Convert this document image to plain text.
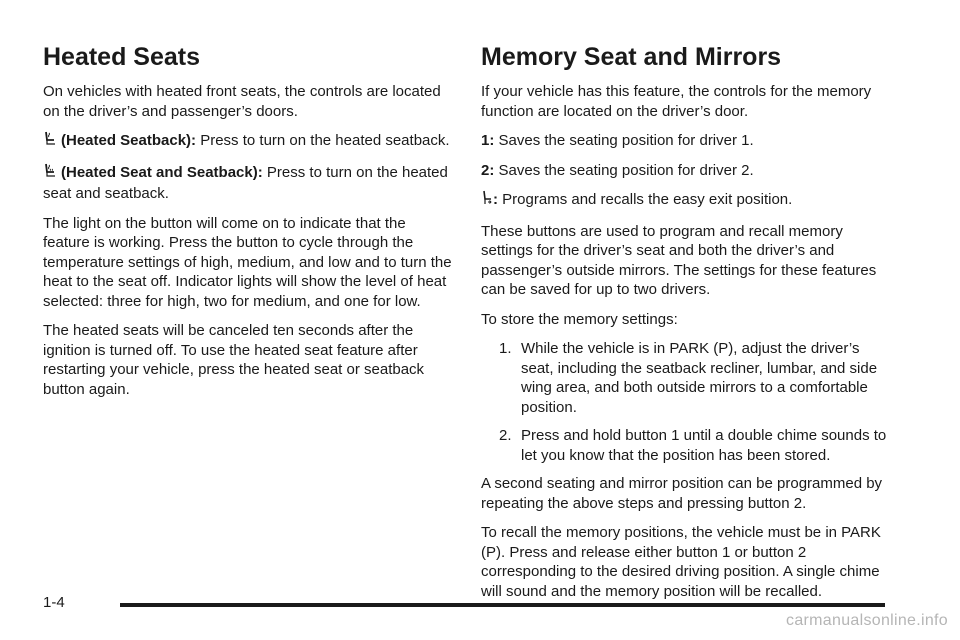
Heated Seats

On vehicles with heated front seats, the controls are located on the driver’s and passenger’s doors.

(Heated Seatback): Press to turn on the heated seatback.

(Heated Seat and Seatback): Press to turn on the heated seat and seatback.

The light on the button will come on to indicate that the feature is working. Press the button to cycle through the temperature settings of high, medium, and low and to turn the heat to the seat off. Indicator lights will show the level of heat selected: three for high, two for medium, and one for low.

The heated seats will be canceled ten seconds after the ignition is turned off. To use the heated seat feature after restarting your vehicle, press the heated seat or seatback button again.

Memory Seat and Mirrors

If your vehicle has this feature, the controls for the memory function are located on the driver’s door.

1: Saves the seating position for driver 1.

2: Saves the seating position for driver 2.

: Programs and recalls the easy exit position.

These buttons are used to program and recall memory settings for the driver’s seat and both the driver’s and passenger’s outside mirrors. The settings for these features can be saved for up to two drivers.

To store the memory settings:

1. While the vehicle is in PARK (P), adjust the driver’s seat, including the seatback recliner, lumbar, and side wing area, and both outside mirrors to a comfortable position.
2. Press and hold button 1 until a double chime sounds to let you know that the position has been stored.

A second seating and mirror position can be programmed by repeating the above steps and pressing button 2.

To recall the memory positions, the vehicle must be in PARK (P). Press and release either button 1 or button 2 corresponding to the desired driving position. A single chime will sound and the memory position will be recalled.

1-4
carmanualsonline.info
